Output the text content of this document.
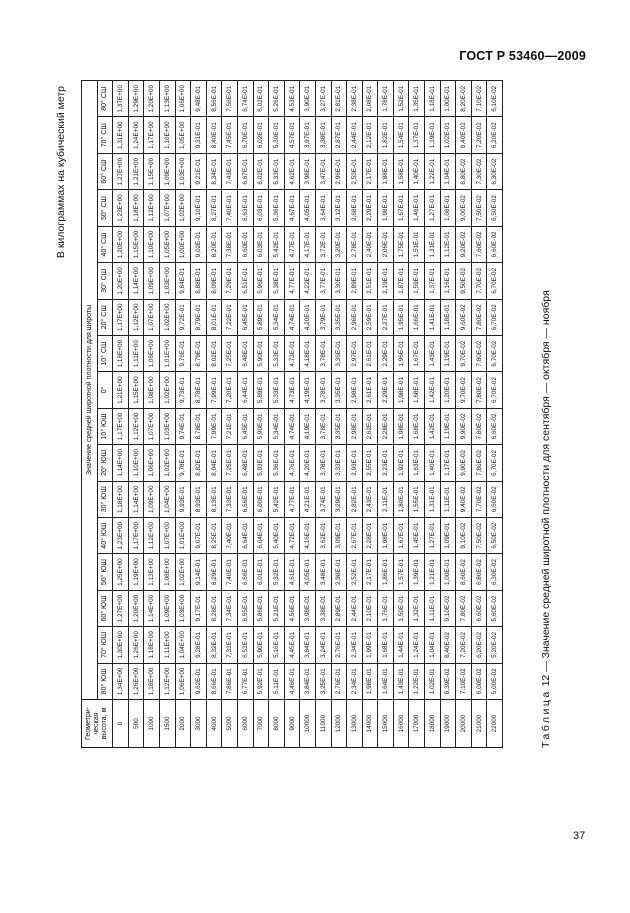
ГОСТ Р 53460—2009
В килограммах на кубический метр
Геометри- ческая высота, м	Значение средней широтной плотности для широты																
	80° ЮШ	70° ЮШ	60° ЮШ	50° ЮШ	40° ЮШ	30° ЮШ	20° ЮШ	10° ЮШ	0°	10° СШ	20° СШ	30° СШ	40° СШ	50° СШ	60° СШ	70° СШ	80° СШ
0	1,34E+00	1,30E+00	1,27E+00	1,25E+00	1,23E+00	1,18E+00	1,14E+00	1,17E+00	1,21E+00	1,18E+00	1,17E+00	1,20E+00	1,20E+00	1,23E+00	1,27E+00	1,31E+00	1,37E+00
500	1,26E+00	1,26E+00	1,20E+00	1,19E+00	1,17E+00	1,14E+00	1,10E+00	1,12E+00	1,15E+00	1,11E+00	1,12E+00	1,14E+00	1,15E+00	1,18E+00	1,21E+00	1,24E+00	1,29E+00
1000	1,18E+00	1,18E+00	1,14E+00	1,13E+00	1,12E+00	1,09E+00	1,06E+00	1,07E+00	1,08E+00	1,06E+00	1,07E+00	1,09E+00	1,10E+00	1,12E+00	1,15E+00	1,17E+00	1,20E+00
1500	1,12E+00	1,11E+00	1,09E+00	1,08E+00	1,07E+00	1,04E+00	1,02E+00	1,03E+00	1,02E+00	1,01E+00	1,02E+00	1,03E+00	1,05E+00	1,07E+00	1,09E+00	1,10E+00	1,13E+00
2000	1,06E+00	1,04E+00	1,03E+00	1,02E+00	1,01E+00	9,93E-01	9,78E-01	9,74E-01	9,73E-01	9,76E-01	9,72E-01	9,84E-01	1,00E+00	1,02E+00	1,03E+00	1,05E+00	1,06E+00
3000	9,62E-01	9,28E-01	9,17E-01	9,14E-01	9,07E-01	8,93E-01	8,82E-01	8,78E-01	8,78E-01	8,79E-01	8,79E-01	8,88E-01	9,02E-01	9,10E-01	9,21E-01	9,31E-01	9,48E-01
4000	8,66E-01	8,32E-01	8,28E-01	8,29E-01	8,25E-01	8,13E-01	8,04E-01	7,99E-01	7,99E-01	8,02E-01	8,01E-01	8,09E-01	8,20E-01	8,27E-01	8,34E-01	8,40E-01	8,56E-01
5000	7,86E-01	7,33E-01	7,34E-01	7,40E-01	7,40E-01	7,33E-01	7,25E-01	7,21E-01	7,20E-01	7,25E-01	7,22E-01	7,29E-01	7,38E-01	7,40E-01	7,43E-01	7,45E-01	7,56E-01
6000	6,77E-01	6,53E-01	6,55E-01	6,66E-01	6,64E-01	6,56E-01	6,48E-01	6,45E-01	6,44E-01	6,48E-01	6,45E-01	6,51E-01	6,60E-01	6,63E-01	6,67E-01	6,70E-01	6,74E-01
7000	5,92E-01	5,90E-01	5,86E-01	6,01E-01	6,04E-01	6,00E-01	5,93E-01	5,90E-01	5,89E-01	5,90E-01	5,89E-01	5,96E-01	6,03E-01	6,03E-01	6,02E-01	6,02E-01	6,02E-01
8000	5,11E-01	5,16E-01	5,21E-01	5,32E-01	5,40E-01	5,42E-01	5,36E-01	5,34E-01	5,33E-01	5,33E-01	5,34E-01	5,38E-01	5,42E-01	5,36E-01	5,33E-01	5,30E-01	5,26E-01
9000	4,46E-01	4,45E-01	4,56E-01	4,61E-01	4,72E-01	4,77E-01	4,76E-01	4,74E-01	4,73E-01	4,73E-01	4,74E-01	4,77E-01	4,77E-01	4,67E-01	4,62E-01	4,57E-01	4,53E-01
10000	3,84E-01	3,84E-01	3,98E-01	4,05E-01	4,16E-01	4,21E-01	4,20E-01	4,19E-01	4,19E-01	4,18E-01	4,20E-01	4,22E-01	4,17E-01	4,05E-01	3,98E-01	3,97E-01	3,90E-01
11000	3,25E-01	3,24E-01	3,38E-01	3,48E-01	3,62E-01	3,74E-01	3,78E-01	3,78E-01	3,78E-01	3,78E-01	3,79E-01	3,77E-01	3,72E-01	3,64E-01	3,47E-01	3,38E-01	3,27E-01
12000	2,76E-01	2,76E-01	2,89E-01	2,98E-01	3,09E-01	3,29E-01	3,33E-01	3,35E-01	3,35E-01	3,36E-01	3,35E-01	3,30E-01	3,20E-01	3,12E-01	2,96E-01	2,87E-01	2,81E-01
13000	2,34E-01	2,34E-01	2,44E-01	2,52E-01	2,67E-01	2,82E-01	2,93E-01	2,98E-01	2,98E-01	2,97E-01	2,96E-01	2,89E-01	2,78E-01	2,68E-01	2,53E-01	2,44E-01	2,38E-01
14000	1,98E-01	1,99E-01	2,10E-01	2,17E-01	2,28E-01	2,43E-01	2,55E-01	2,62E-01	2,61E-01	2,61E-01	2,59E-01	2,51E-01	2,40E-01	2,29E-01	2,17E-01	2,12E-01	2,08E-01
15000	1,64E-01	1,68E-01	1,76E-01	1,86E-01	1,98E-01	2,11E-01	2,23E-01	2,28E-01	2,29E-01	2,29E-01	2,27E-01	2,19E-01	2,06E-01	1,98E-01	1,88E-01	1,82E-01	1,78E-01
16000	1,43E-01	1,44E-01	1,50E-01	1,57E-01	1,67E-01	1,80E-01	1,92E-01	1,98E-01	1,98E-01	1,96E-01	1,95E-01	1,87E-01	1,75E-01	1,67E-01	1,58E-01	1,54E-01	1,52E-01
17000	1,22E-01	1,24E-01	1,32E-01	1,39E-01	1,45E-01	1,55E-01	1,63E-01	1,68E-01	1,68E-01	1,67E-01	1,66E-01	1,59E-01	1,51E-01	1,46E-01	1,40E-01	1,37E-01	1,35E-01
18000	1,02E-01	1,04E-01	1,11E-01	1,21E-01	1,27E-01	1,31E-01	1,40E-01	1,42E-01	1,42E-01	1,43E-01	1,41E-01	1,37E-01	1,31E-01	1,27E-01	1,22E-01	1,19E-01	1,18E-01
19000	8,39E-02	8,40E-02	9,10E-02	1,00E-01	1,09E-01	1,11E-01	1,17E-01	1,19E-01	1,20E-01	1,19E-01	1,18E-01	1,16E-01	1,12E-01	1,08E-01	1,04E-01	1,02E-01	1,00E-01
20000	7,10E-02	7,20E-02	7,80E-02	8,60E-02	9,10E-02	9,40E-02	9,90E-02	9,90E-02	9,70E-02	9,70E-02	9,60E-02	9,50E-02	9,20E-02	9,00E-02	8,80E-02	8,40E-02	8,20E-02
21000	6,00E-02	6,20E-02	6,60E-02	6,80E-02	7,50E-02	7,70E-02	7,80E-02	7,80E-02	7,80E-02	7,80E-02	7,80E-02	7,70E-02	7,60E-02	7,50E-02	7,30E-02	7,20E-02	7,10E-02
22000	5,00E-02	5,20E-02	5,60E-02	6,30E-02	6,50E-02	6,60E-02	6,70E-02	6,60E-02	6,70E-02	6,70E-02	6,70E-02	6,70E-02	6,60E-02	6,50E-02	6,30E-02	6,20E-02	6,10E-02
Таблица 12 — Значение средней широтной плотности для сентября — октября — ноября
37
